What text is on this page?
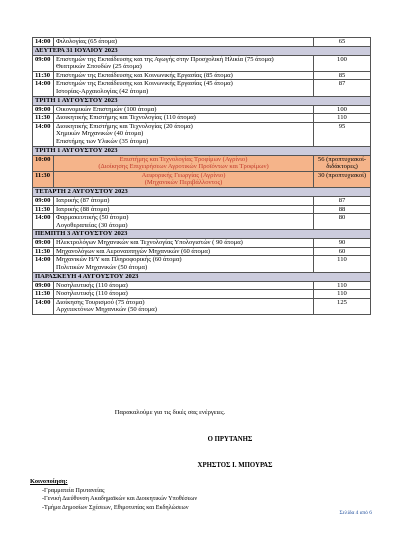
14:00	Φιλολογίας (65 άτομα)	65
ΔΕΥΤΕΡΑ 31 ΙΟΥΛΙΟΥ 2023		
09:00	Επιστημών της Εκπαίδευσης και της Αγωγής στην Προσχολική Ηλικία (75 άτομα)
Θεατρικών Σπουδών (25 άτομα)	100
11:30	Επιστημών της Εκπαίδευσης και Κοινωνικής Εργασίας (85 άτομα)	85
14:00	Επιστημών της Εκπαίδευσης και Κοινωνικής Εργασίας (45 άτομα)
Ιστορίας-Αρχαιολογίας (42 άτομα)	87
ΤΡΙΤΗ 1 ΑΥΓΟΥΣΤΟΥ 2023		
09:00	Οικονομικών Επιστημών (100 άτομα)	100
11:30	Διοικητικής Επιστήμης και Τεχνολογίας (110 άτομα)	110
14:00	Διοικητικής Επιστήμης και Τεχνολογίας (20 άτομα)
Χημικών Μηχανικών (40 άτομα)
Επιστήμης των Υλικών (35 άτομα)	95
ΤΡΙΤΗ 1 ΑΥΓΟΥΣΤΟΥ 2023		
10:00	Επιστήμης και Τεχνολογίας Τροφίμων (Αγρίνιο)
(Διοίκησης Επιχειρήσεων Αγροτικών Προϊόντων και Τροφίμων)	56 (προπτυχιακοί-διδάκτορες)
11:30	Αειφορικής Γεωργίας (Αγρίνιο)
(Μηχανικών Περιβάλλοντος)	30 (προπτυχιακοί)
ΤΕΤΑΡΤΗ 2 ΑΥΓΟΥΣΤΟΥ 2023		
09:00	Ιατρικής (87 άτομα)	87
11:30	Ιατρικής (88 άτομα)	88
14:00	Φαρμακευτικής (50 άτομα)
Λογοθεραπείας (30 άτομα)	80
ΠΕΜΠΤΗ 3 ΑΥΓΟΥΣΤΟΥ 2023		
09:00	Ηλεκτρολόγων Μηχανικών και Τεχνολογίας Υπολογιστών ( 90 άτομα)	90
11:30	Μηχανολόγων και Αεροναυπηγών Μηχανικών (60 άτομα)	60
14:00	Μηχανικών Η/Υ και Πληροφορικής (60 άτομα)
Πολιτικών Μηχανικών (50 άτομα)	110
ΠΑΡΑΣΚΕΥΗ 4 ΑΥΓΟΥΣΤΟΥ 2023		
09:00	Νοσηλευτικής (110 άτομα)	110
11:30	Νοσηλευτικής (110 άτομα)	110
14:00	Διοίκησης Τουρισμού (75 άτομα)
Αρχιτεκτόνων Μηχανικών (50 άτομα)	125
Παρακαλούμε για τις δικές σας ενέργειες.
Ο ΠΡΥΤΑΝΗΣ
ΧΡΗΣΤΟΣ Ι. ΜΠΟΥΡΑΣ
Κοινοποίηση:
-Γραμματεία Πρυτανείας
-Γενική Διεύθυνση Ακαδημαϊκών και Διοικητικών Υποθέσεων
-Τμήμα Δημοσίων Σχέσεων, Εθιμοτυπίας και Εκδηλώσεων
Σελίδα 4 από 6
